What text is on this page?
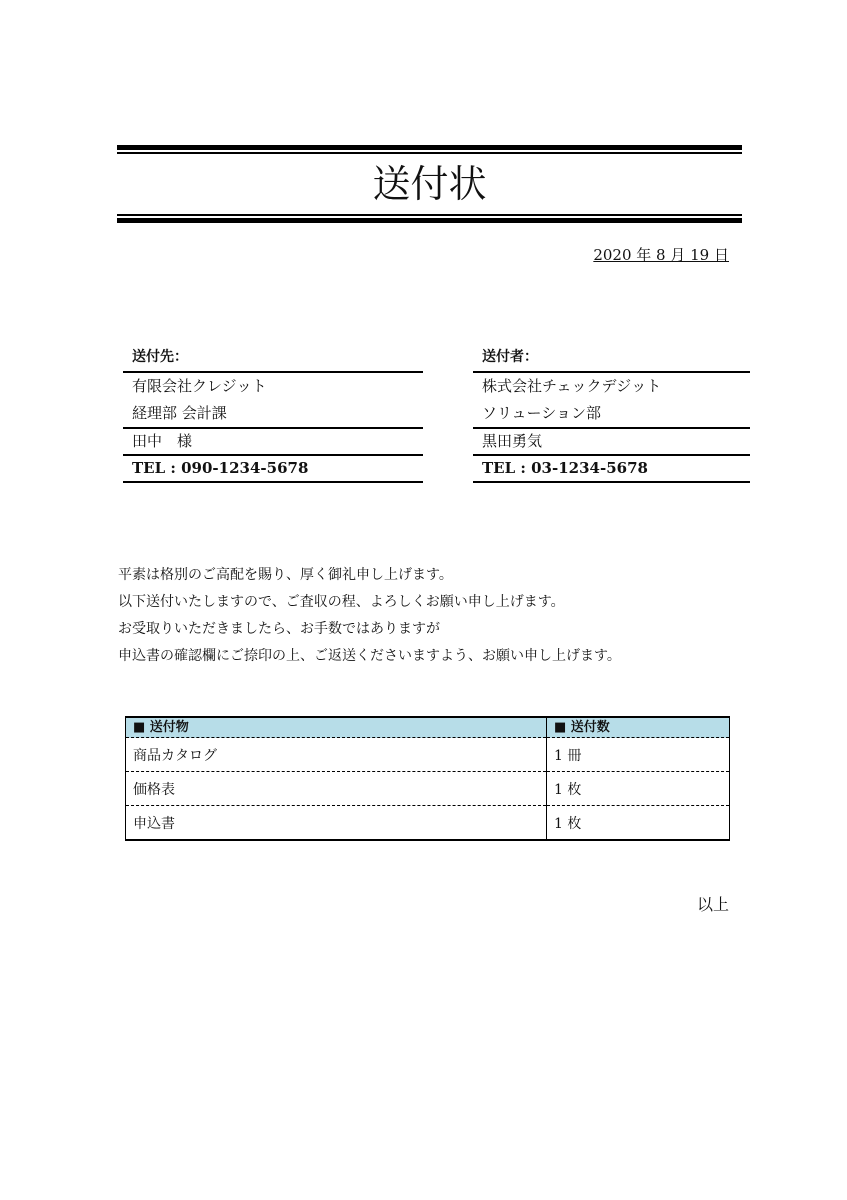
送付状
2020 年 8 月 19 日
送付先：
有限会社クレジット
経理部 会計課
田中　様
TEL : 090-1234-5678
送付者：
株式会社チェックデジット
ソリューション部
黒田勇気
TEL : 03-1234-5678
平素は格別のご高配を賜り、厚く御礼申し上げます。
以下送付いたしますので、ご査収の程、よろしくお願い申し上げます。
お受取りいただきましたら、お手数ではありますが
申込書の確認欄にご捺印の上、ご返送くださいますよう、お願い申し上げます。
■ 送付物	■ 送付数
商品カタログ	1 冊
価格表	1 枚
申込書	1 枚
以上
